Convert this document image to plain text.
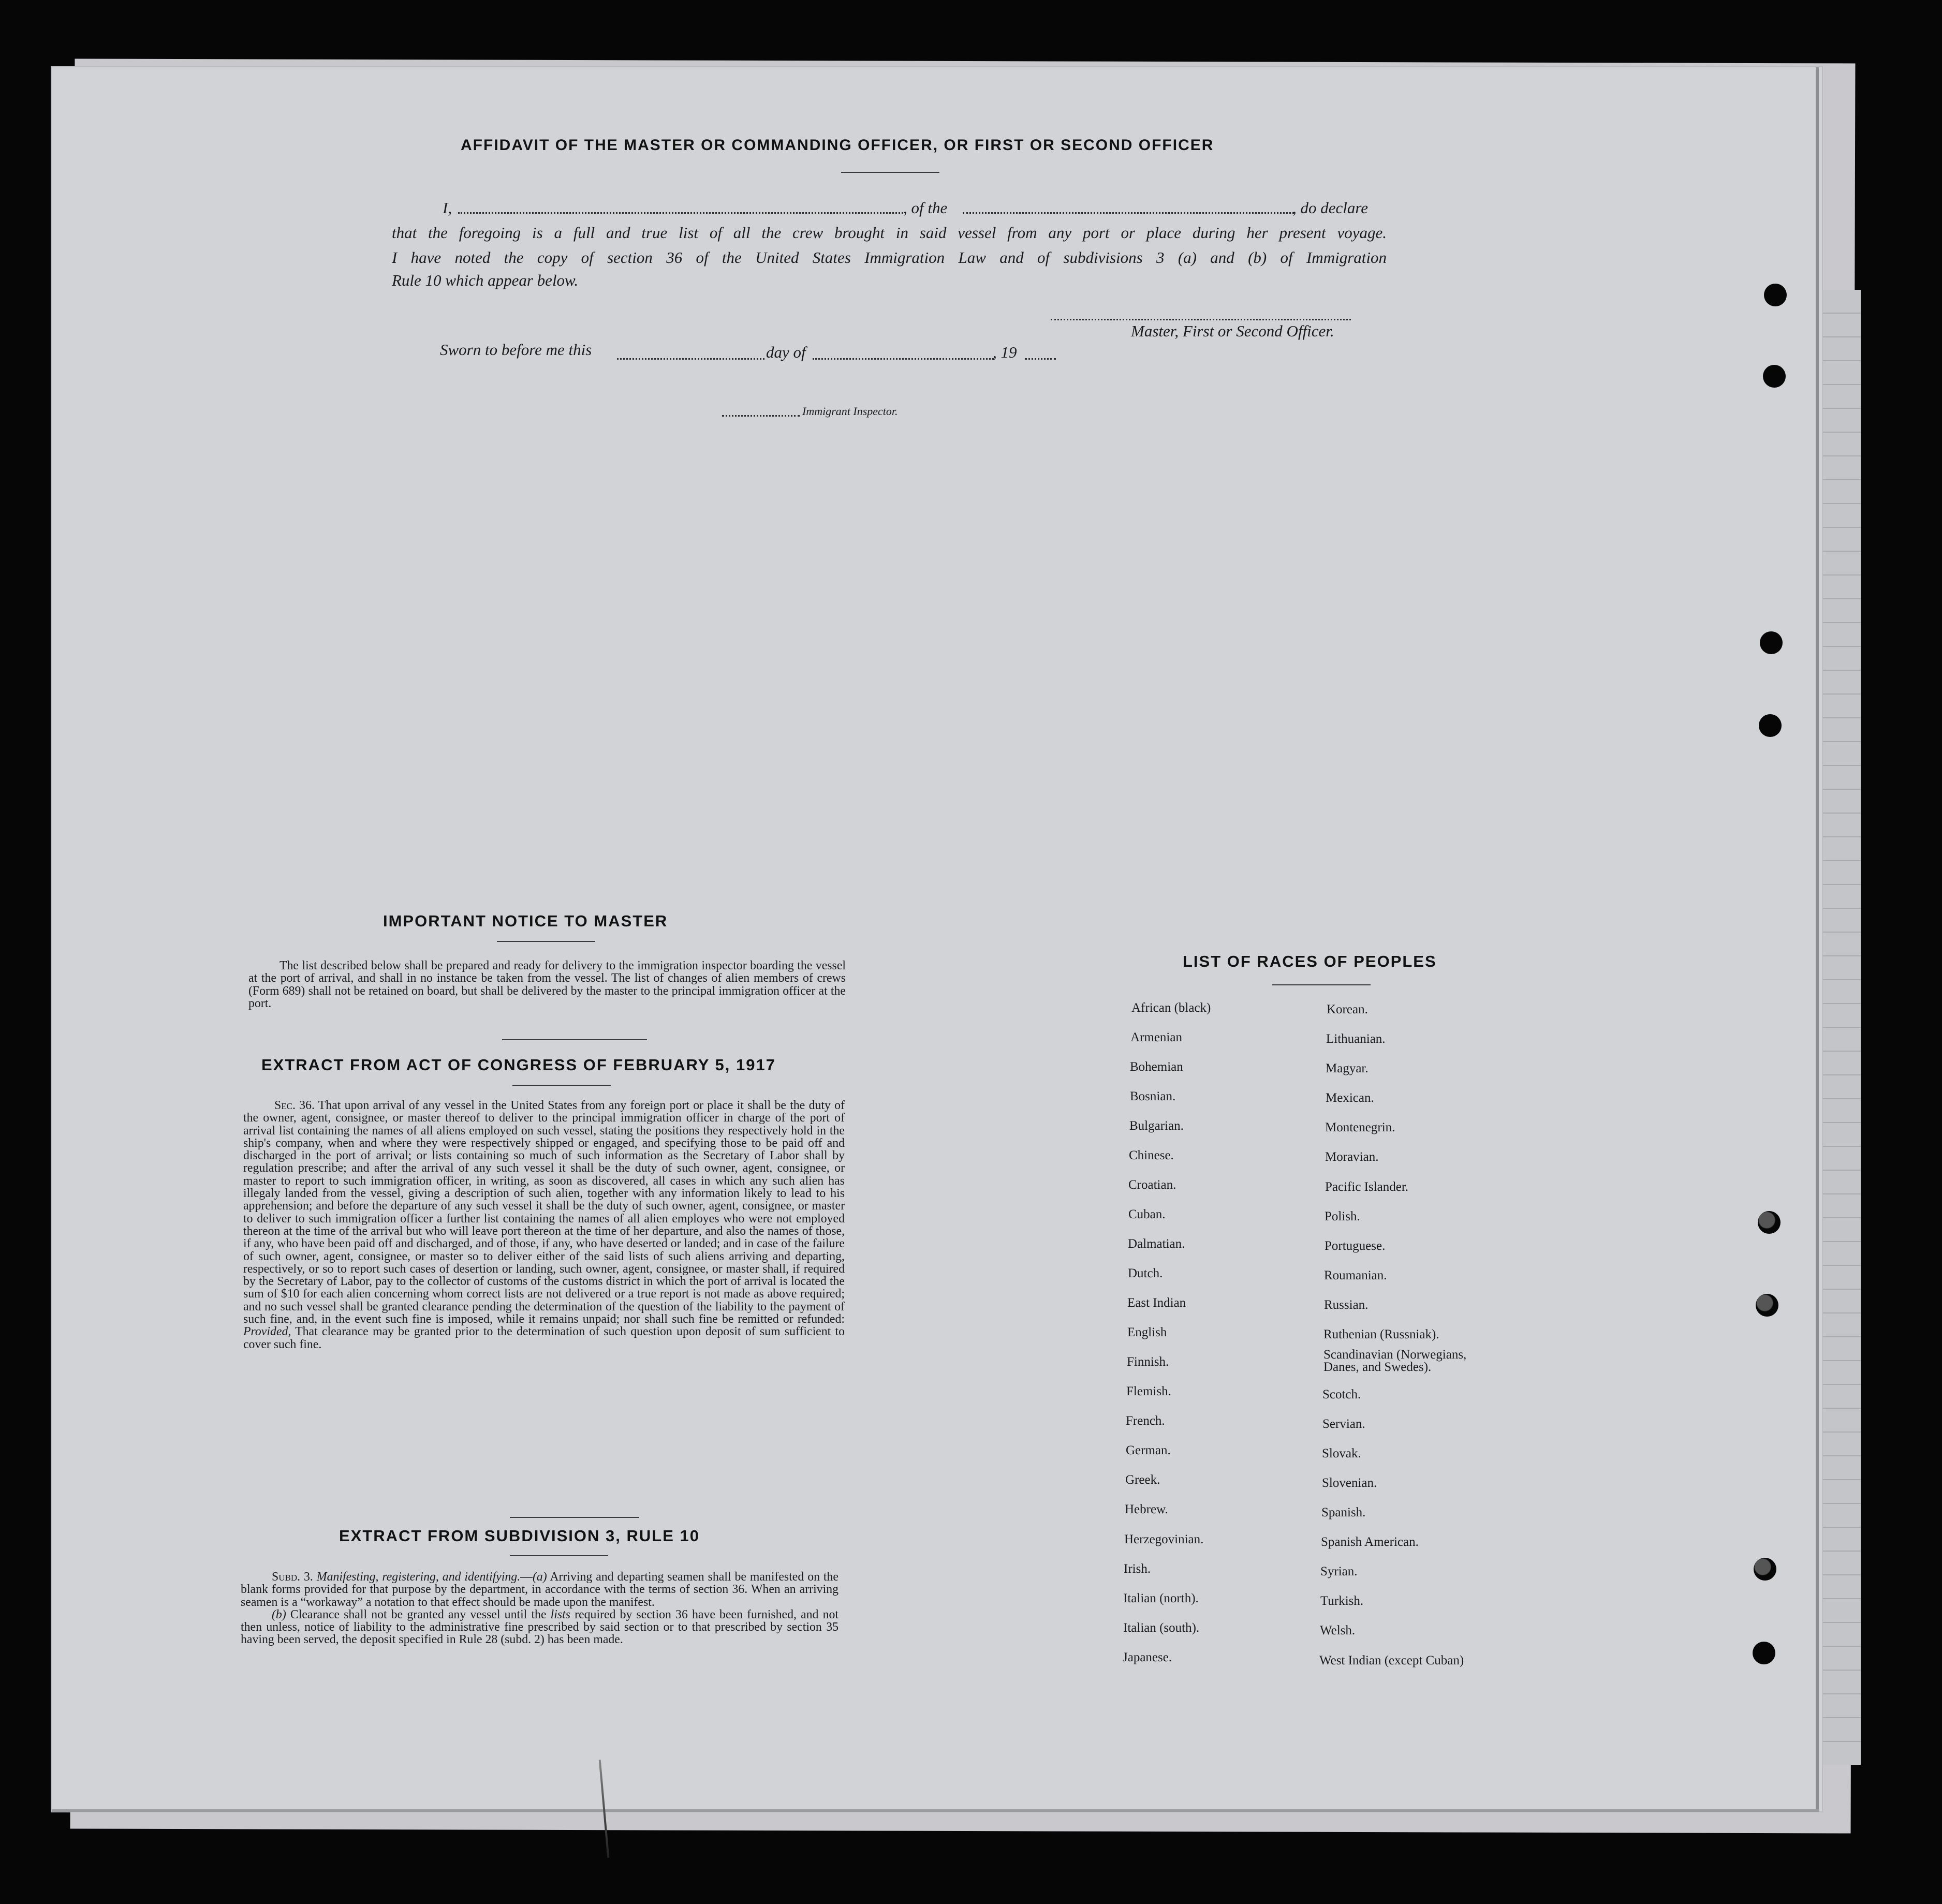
AFFIDAVIT OF THE MASTER OR COMMANDING OFFICER, OR FIRST OR SECOND OFFICER
I,	, of the	, do declare
that the foregoing is a full and true list of all the crew brought in said vessel from any port or place during her present voyage.
I have noted the copy of section 36 of the United States Immigration Law and of subdivisions 3 (a) and (b) of Immigration
Rule 10 which appear below.
Master, First or Second Officer.
Sworn to before me this	day of	, 19
Immigrant Inspector.
IMPORTANT NOTICE TO MASTER

The list described below shall be prepared and ready for delivery to the immigration inspector boarding the vessel at the port of arrival, and shall in no instance be taken from the vessel. The list of changes of alien members of crews (Form 689) shall not be retained on board, but shall be delivered by the master to the principal immigration officer at the port.

EXTRACT FROM ACT OF CONGRESS OF FEBRUARY 5, 1917

Sec. 36. That upon arrival of any vessel in the United States from any foreign port or place it shall be the duty of the owner, agent, consignee, or master thereof to deliver to the principal immigration officer in charge of the port of arrival list containing the names of all aliens employed on such vessel, stating the positions they respectively hold in the ship's company, when and where they were respectively shipped or engaged, and specifying those to be paid off and discharged in the port of arrival; or lists containing so much of such information as the Secretary of Labor shall by regulation prescribe; and after the arrival of any such vessel it shall be the duty of such owner, agent, consignee, or master to report to such immigration officer, in writing, as soon as discovered, all cases in which any such alien has illegaly landed from the vessel, giving a description of such alien, together with any information likely to lead to his apprehension; and before the departure of any such vessel it shall be the duty of such owner, agent, consignee, or master to deliver to such immigration officer a further list containing the names of all alien employes who were not employed thereon at the time of the arrival but who will leave port thereon at the time of her departure, and also the names of those, if any, who have been paid off and discharged, and of those, if any, who have deserted or landed; and in case of the failure of such owner, agent, consignee, or master so to deliver either of the said lists of such aliens arriving and departing, respectively, or so to report such cases of desertion or landing, such owner, agent, consignee, or master shall, if required by the Secretary of Labor, pay to the collector of customs of the customs district in which the port of arrival is located the sum of $10 for each alien concerning whom correct lists are not delivered or a true report is not made as above required; and no such vessel shall be granted clearance pending the determination of the question of the liability to the payment of such fine, and, in the event such fine is imposed, while it remains unpaid; nor shall such fine be remitted or refunded: Provided, That clearance may be granted prior to the determination of such question upon deposit of sum sufficient to cover such fine.

EXTRACT FROM SUBDIVISION 3, RULE 10

Subd. 3. Manifesting, registering, and identifying.—(a) Arriving and departing seamen shall be manifested on the blank forms provided for that purpose by the department, in accordance with the terms of section 36. When an arriving seamen is a “workaway” a notation to that effect should be made upon the manifest.

(b) Clearance shall not be granted any vessel until the lists required by section 36 have been furnished, and not then unless, notice of liability to the administrative fine prescribed by said section or to that prescribed by section 35 having been served, the deposit specified in Rule 28 (subd. 2) has been made.

LIST OF RACES OF PEOPLES
African (black)
Armenian
Bohemian
Bosnian.
Bulgarian.
Chinese.
Croatian.
Cuban.
Dalmatian.
Dutch.
East Indian
English
Finnish.
Flemish.
French.
German.
Greek.
Hebrew.
Herzegovinian.
Irish.
Italian (north).
Italian (south).
Japanese.
Korean.
Lithuanian.
Magyar.
Mexican.
Montenegrin.
Moravian.
Pacific Islander.
Polish.
Portuguese.
Roumanian.
Russian.
Ruthenian (Russniak).
Scandinavian (Norwegians, Danes, and Swedes).
Scotch.
Servian.
Slovak.
Slovenian.
Spanish.
Spanish American.
Syrian.
Turkish.
Welsh.
West Indian (except Cuban)
